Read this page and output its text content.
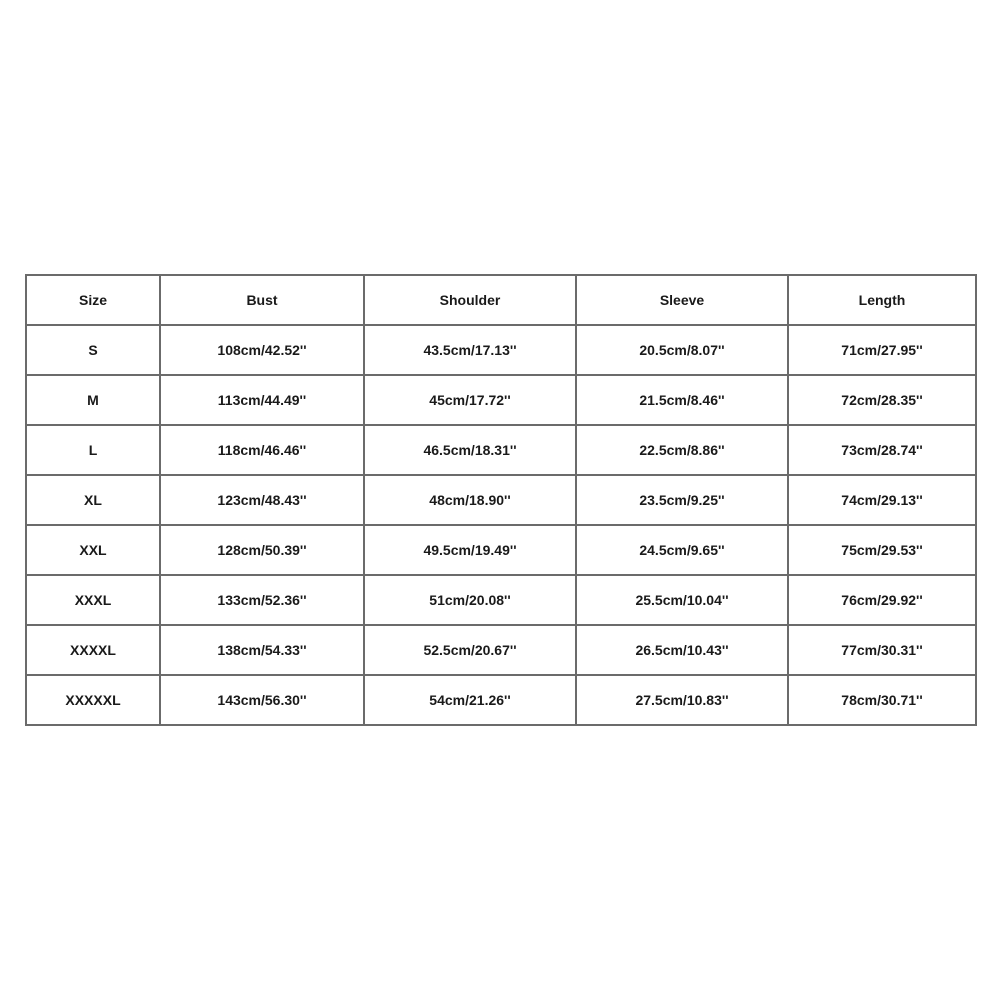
Size	Bust	Shoulder	Sleeve	Length
S	108cm/42.52''	43.5cm/17.13''	20.5cm/8.07''	71cm/27.95''
M	113cm/44.49''	45cm/17.72''	21.5cm/8.46''	72cm/28.35''
L	118cm/46.46''	46.5cm/18.31''	22.5cm/8.86''	73cm/28.74''
XL	123cm/48.43''	48cm/18.90''	23.5cm/9.25''	74cm/29.13''
XXL	128cm/50.39''	49.5cm/19.49''	24.5cm/9.65''	75cm/29.53''
XXXL	133cm/52.36''	51cm/20.08''	25.5cm/10.04''	76cm/29.92''
XXXXL	138cm/54.33''	52.5cm/20.67''	26.5cm/10.43''	77cm/30.31''
XXXXXL	143cm/56.30''	54cm/21.26''	27.5cm/10.83''	78cm/30.71''
